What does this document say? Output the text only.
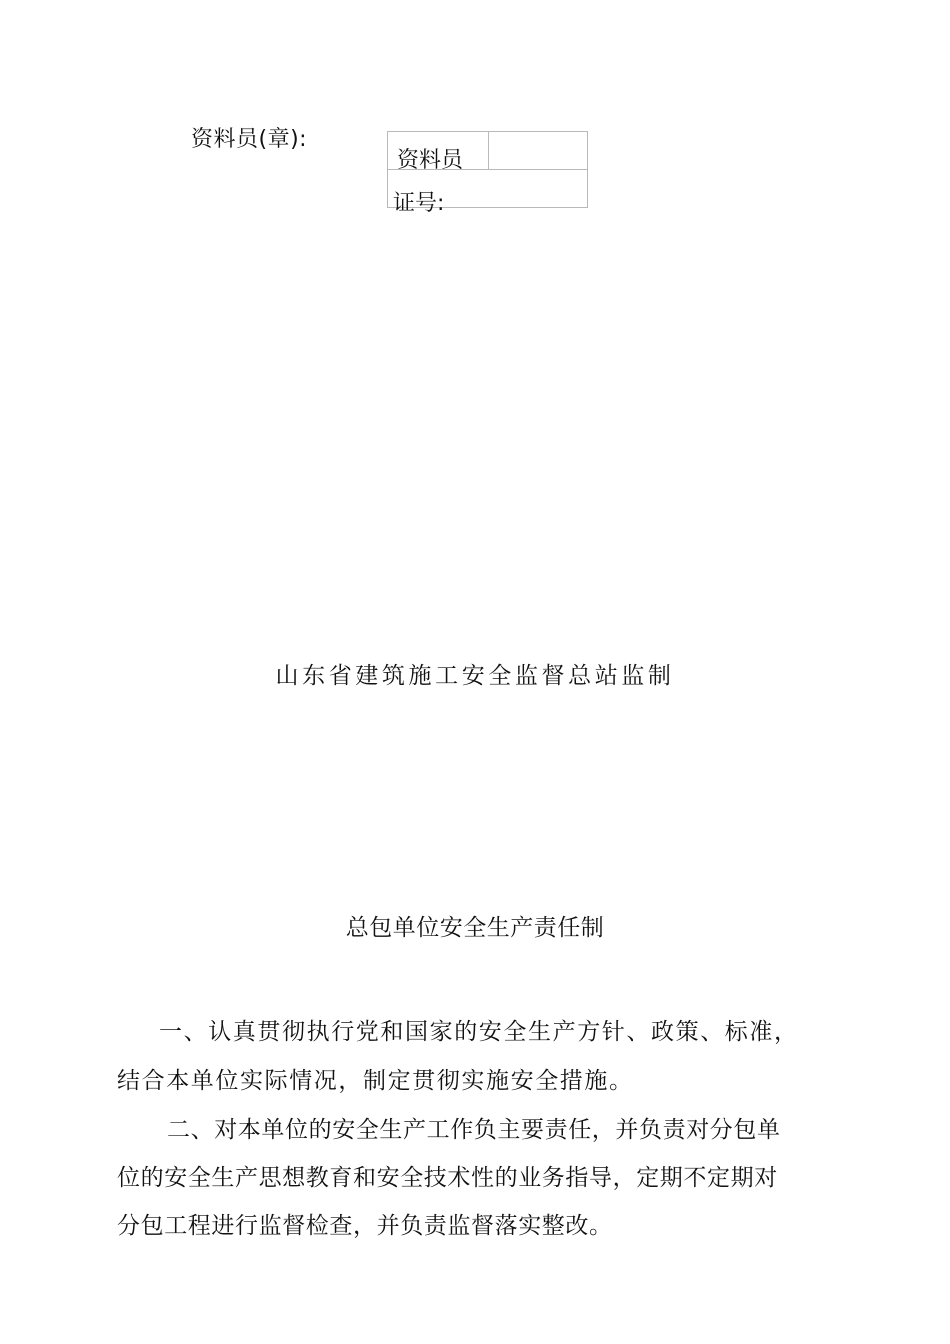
资料员(章):
资料员

证号:
山东省建筑施工安全监督总站监制
总包单位安全生产责任制
一、认真贯彻执行党和国家的安全生产方针、政策、标准，
结合本单位实际情况，制定贯彻实施安全措施。
二、对本单位的安全生产工作负主要责任，并负责对分包单
位的安全生产思想教育和安全技术性的业务指导，定期不定期对
分包工程进行监督检查，并负责监督落实整改。
